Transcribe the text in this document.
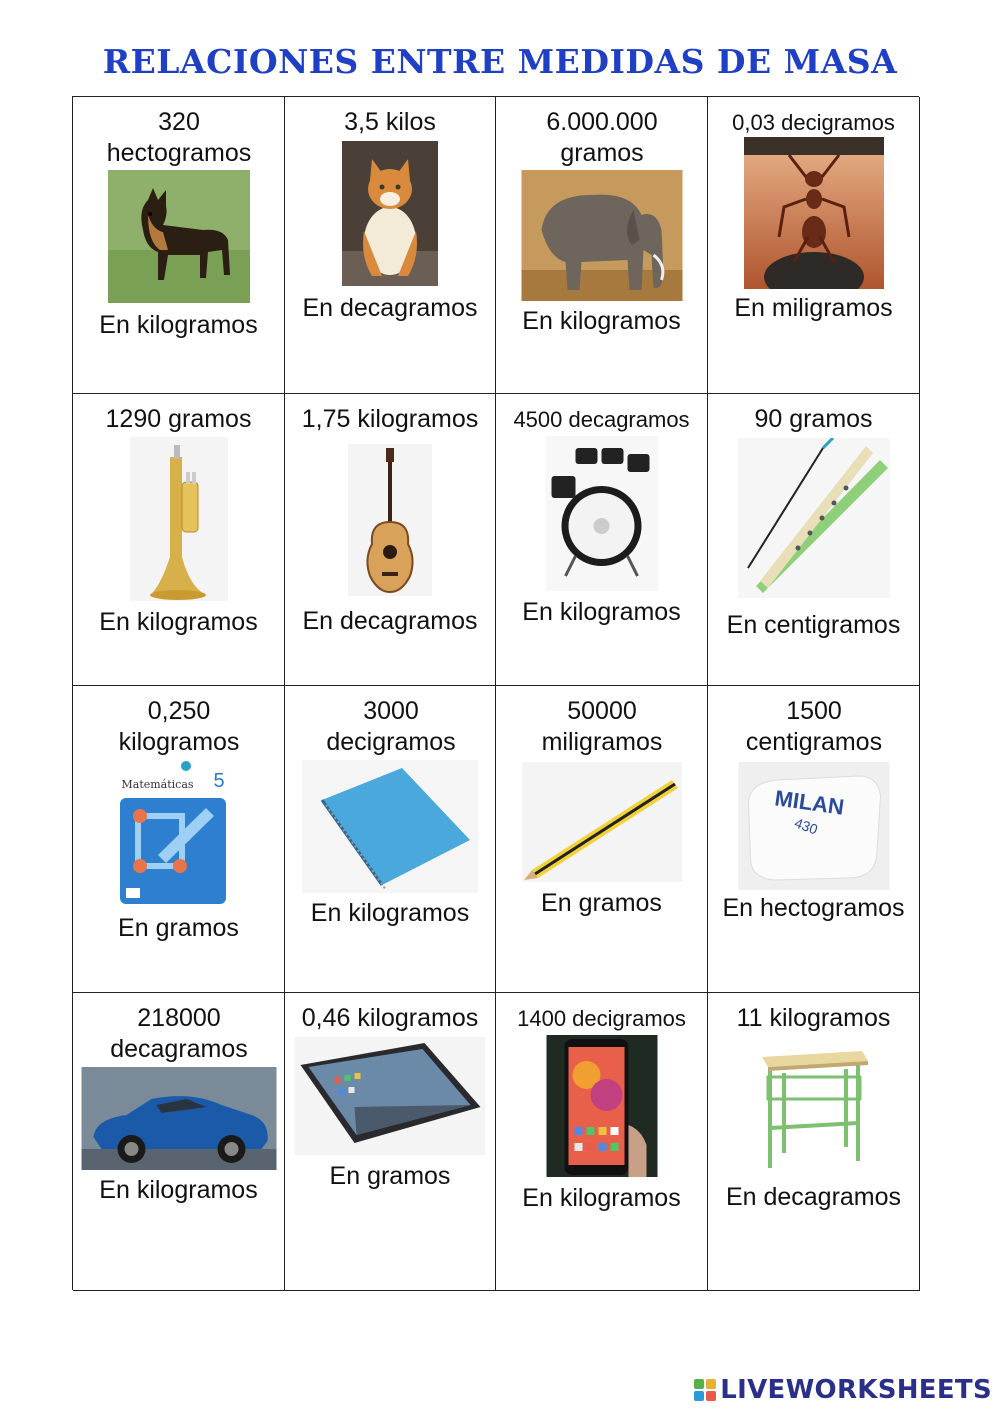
RELACIONES ENTRE MEDIDAS DE MASA
320 hectogramos
En kilogramos
3,5 kilos
En decagramos
6.000.000 gramos
En kilogramos
0,03 decigramos
En miligramos
1290 gramos
En kilogramos
1,75 kilogramos
En decagramos
4500 decagramos
En kilogramos
90 gramos
En centigramos
0,250 kilogramos
Matemáticas 5
En gramos
3000 decigramos
En kilogramos
50000 miligramos
En gramos
1500 centigramos
MILAN
430
En hectogramos
218000 decagramos
En kilogramos
0,46 kilogramos
En gramos
1400 decigramos
En kilogramos
11 kilogramos
En decagramos
LIVEWORKSHEETS
